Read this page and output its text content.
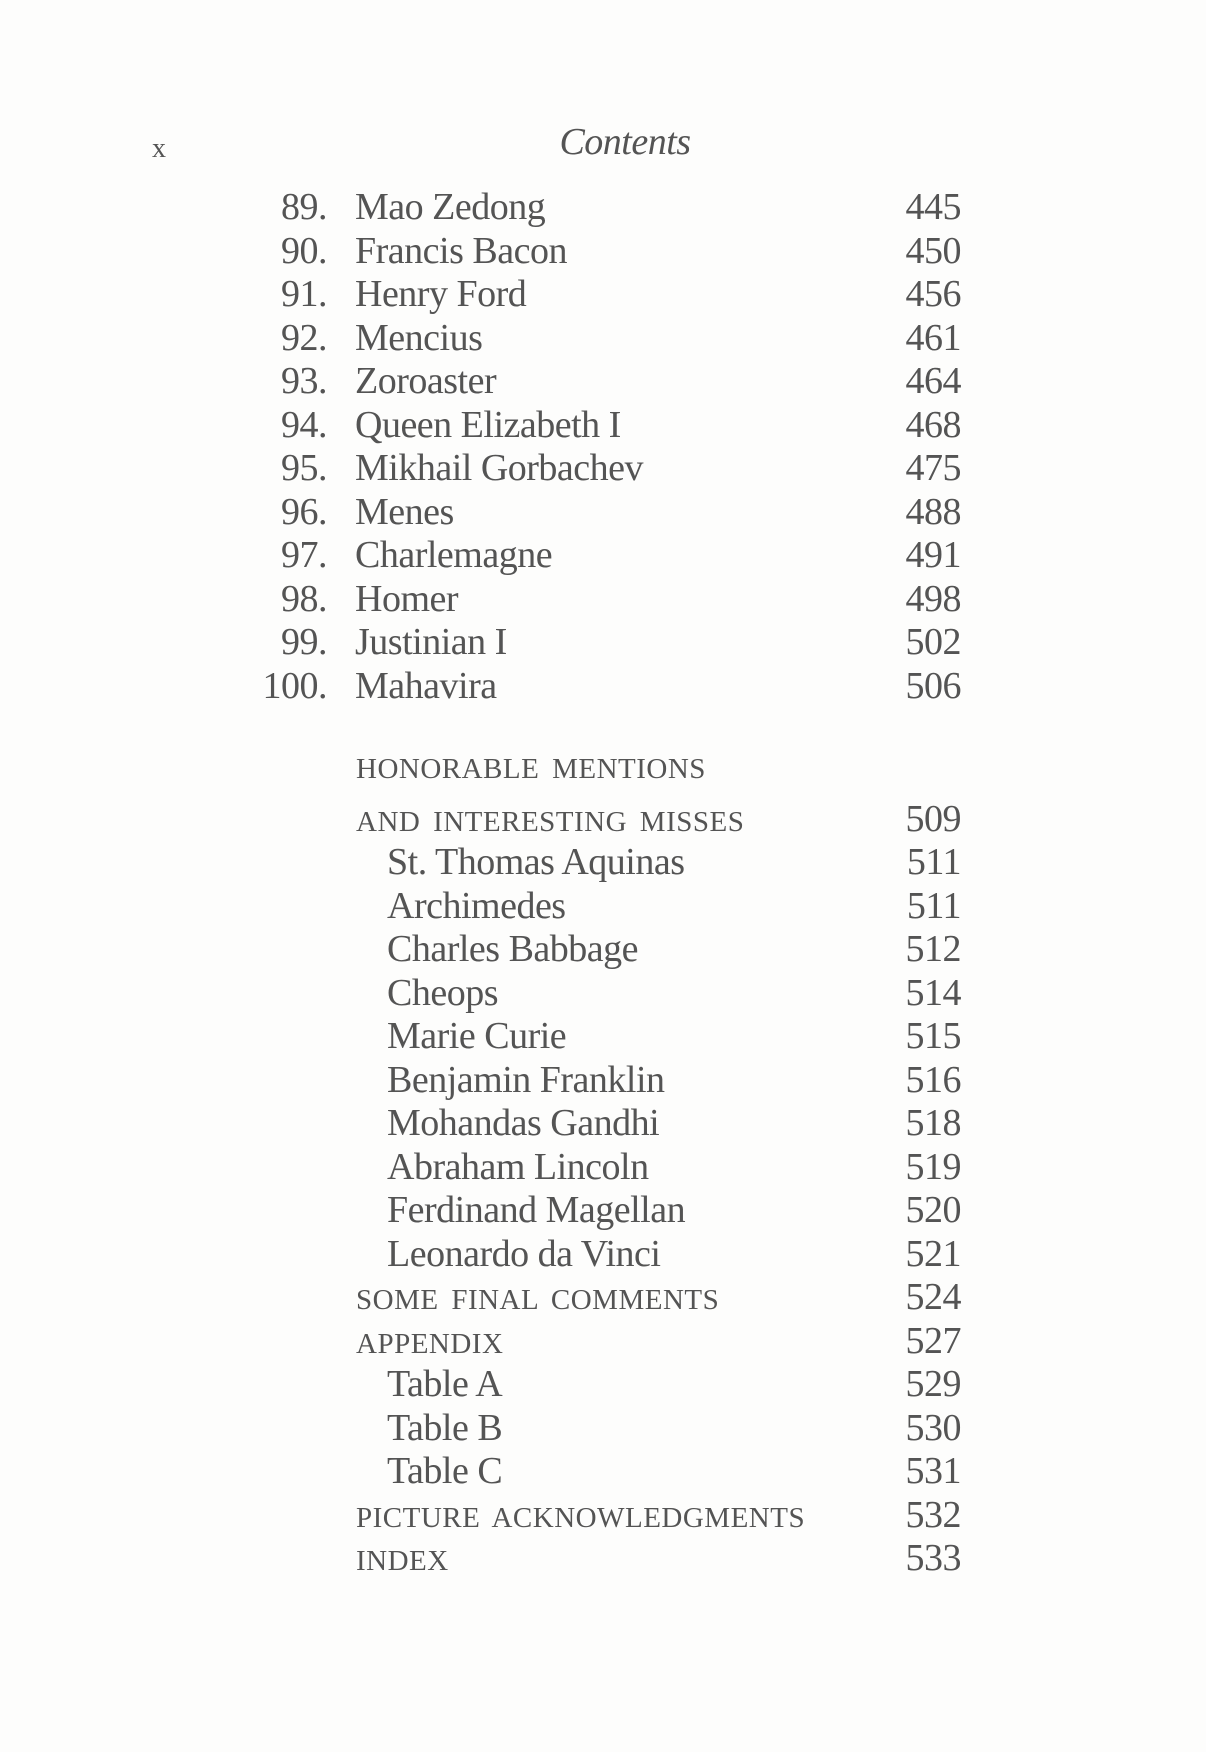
x	Contents
89. Mao Zedong	445
90. Francis Bacon	450
91. Henry Ford	456
92. Mencius	461
93. Zoroaster	464
94. Queen Elizabeth I	468
95. Mikhail Gorbachev	475
96. Menes	488
97. Charlemagne	491
98. Homer	498
99. Justinian I	502
100. Mahavira	506
HONORABLE MENTIONS
AND INTERESTING MISSES	509
St. Thomas Aquinas	511
Archimedes	511
Charles Babbage	512
Cheops	514
Marie Curie	515
Benjamin Franklin	516
Mohandas Gandhi	518
Abraham Lincoln	519
Ferdinand Magellan	520
Leonardo da Vinci	521
SOME FINAL COMMENTS	524
APPENDIX	527
Table A	529
Table B	530
Table C	531
PICTURE ACKNOWLEDGMENTS	532
INDEX	533
